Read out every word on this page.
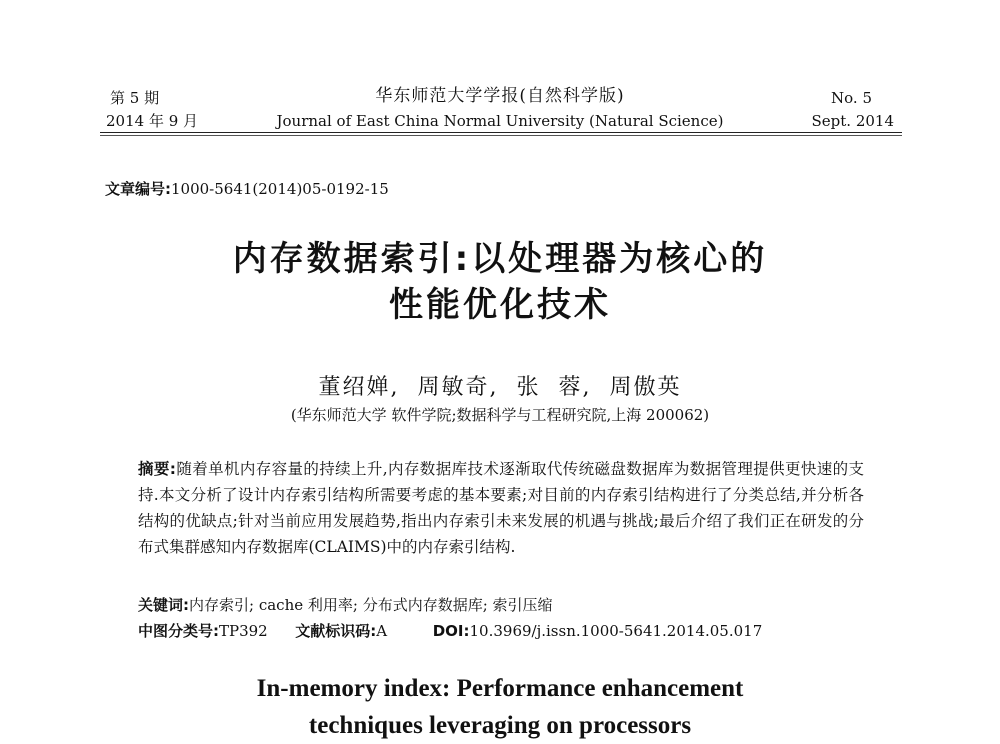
第 5 期
2014 年 9 月
华东师范大学学报(自然科学版)
Journal of East China Normal University (Natural Science)
No. 5
Sept. 2014
文章编号:1000-5641(2014)05-0192-15
内存数据索引:以处理器为核心的
性能优化技术
董绍婵,  周敏奇,  张  蓉,  周傲英
(华东师范大学 软件学院;数据科学与工程研究院,上海 200062)
摘要:随着单机内存容量的持续上升,内存数据库技术逐渐取代传统磁盘数据库为数据管理提供更快速的支持.本文分析了设计内存索引结构所需要考虑的基本要素;对目前的内存索引结构进行了分类总结,并分析各结构的优缺点;针对当前应用发展趋势,指出内存索引未来发展的机遇与挑战;最后介绍了我们正在研发的分布式集群感知内存数据库(CLAIMS)中的内存索引结构.
关键词:内存索引; cache 利用率; 分布式内存数据库; 索引压缩
中图分类号:TP392 文献标识码:A	DOI:10.3969/j.issn.1000-5641.2014.05.017
In-memory index: Performance enhancement
techniques leveraging on processors
